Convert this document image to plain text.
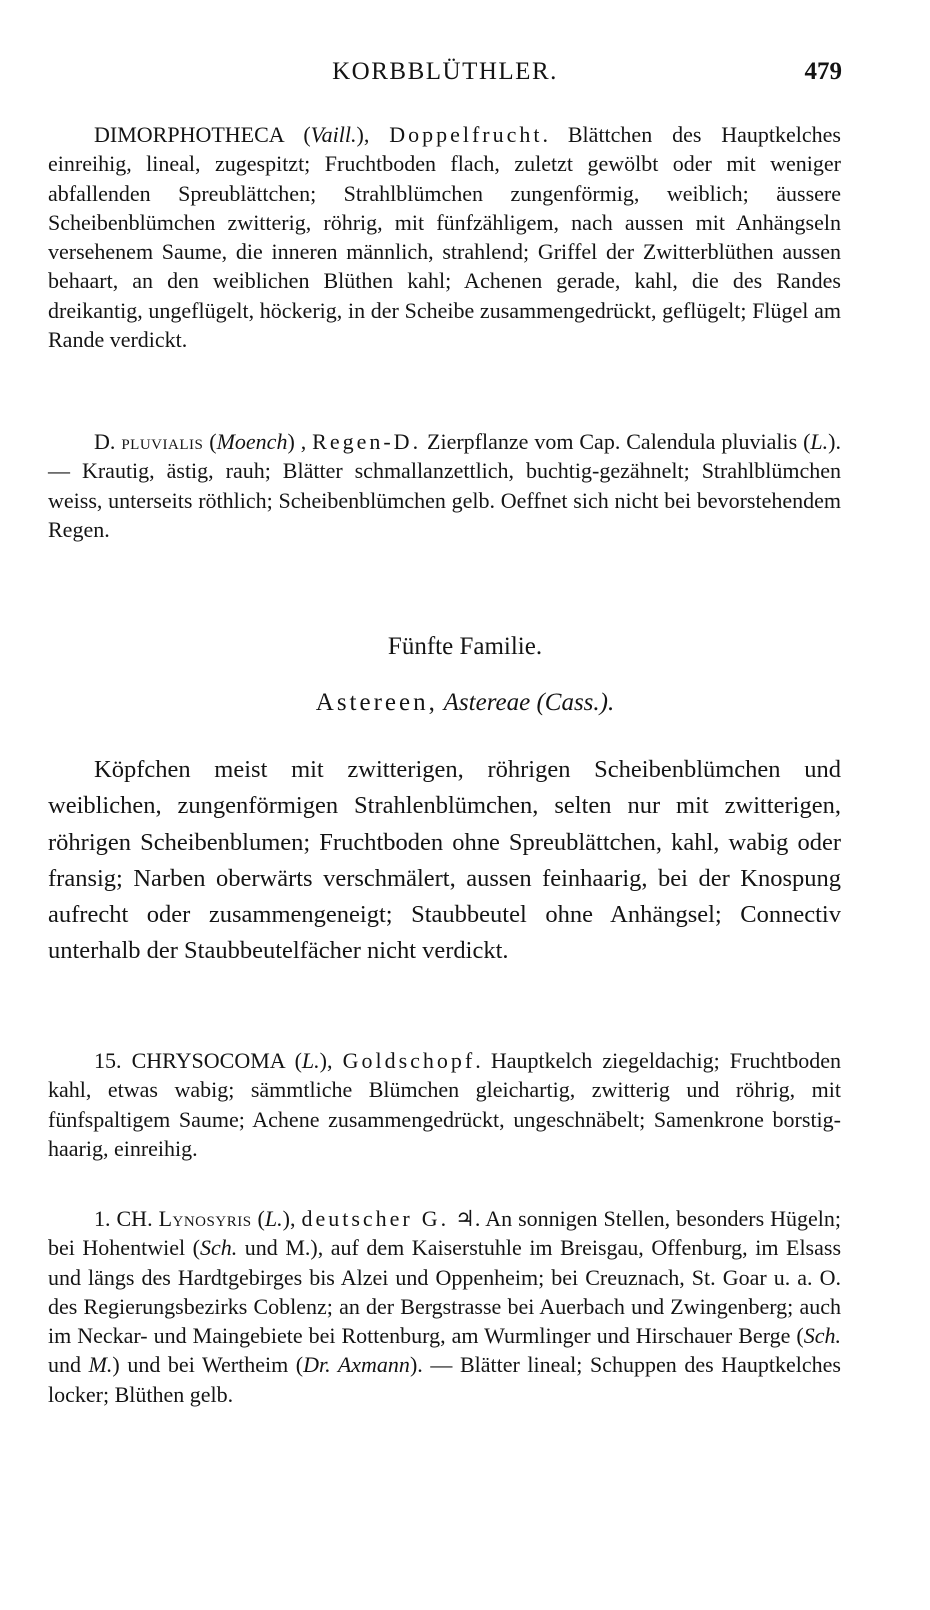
KORBBLÜTHLER.	479

DIMORPHOTHECA (Vaill.), Doppelfrucht. Blättchen des Hauptkelches einreihig, lineal, zugespitzt; Fruchtboden flach, zuletzt gewölbt oder mit weniger abfallenden Spreublättchen; Strahlblümchen zungenförmig, weiblich; äussere Scheibenblümchen zwitterig, röhrig, mit fünfzähligem, nach aussen mit Anhängseln versehenem Saume, die inneren männlich, strahlend; Griffel der Zwitterblüthen aussen behaart, an den weiblichen Blüthen kahl; Achenen gerade, kahl, die des Randes dreikantig, ungeflügelt, höckerig, in der Scheibe zusammengedrückt, geflügelt; Flügel am Rande verdickt.

D. pluvialis (Moench) , Regen-D. Zierpflanze vom Cap. Calendula pluvialis (L.). — Krautig, ästig, rauh; Blätter schmallanzettlich, buchtig-gezähnelt; Strahlblümchen weiss, unterseits röthlich; Scheibenblümchen gelb. Oeffnet sich nicht bei bevorstehendem Regen.

Fünfte Familie.
Astereen, Astereae (Cass.).

Köpfchen meist mit zwitterigen, röhrigen Scheibenblümchen und weiblichen, zungenförmigen Strahlenblümchen, selten nur mit zwitterigen, röhrigen Scheibenblumen; Fruchtboden ohne Spreublättchen, kahl, wabig oder fransig; Narben oberwärts verschmälert, aussen feinhaarig, bei der Knospung aufrecht oder zusammengeneigt; Staubbeutel ohne Anhängsel; Connectiv unterhalb der Staubbeutelfächer nicht verdickt.

15. CHRYSOCOMA (L.), Goldschopf. Hauptkelch ziegeldachig; Fruchtboden kahl, etwas wabig; sämmtliche Blümchen gleichartig, zwitterig und röhrig, mit fünfspaltigem Saume; Achene zusammengedrückt, ungeschnäbelt; Samenkrone borstig-haarig, einreihig.

1. CH. Lynosyris (L.), deutscher G. ♃. An sonnigen Stellen, besonders Hügeln; bei Hohentwiel (Sch. und M.), auf dem Kaiserstuhle im Breisgau, Offenburg, im Elsass und längs des Hardtgebirges bis Alzei und Oppenheim; bei Creuznach, St. Goar u. a. O. des Regierungsbezirks Coblenz; an der Bergstrasse bei Auerbach und Zwingenberg; auch im Neckar- und Maingebiete bei Rottenburg, am Wurmlinger und Hirschauer Berge (Sch. und M.) und bei Wertheim (Dr. Axmann). — Blätter lineal; Schuppen des Hauptkelches locker; Blüthen gelb.
